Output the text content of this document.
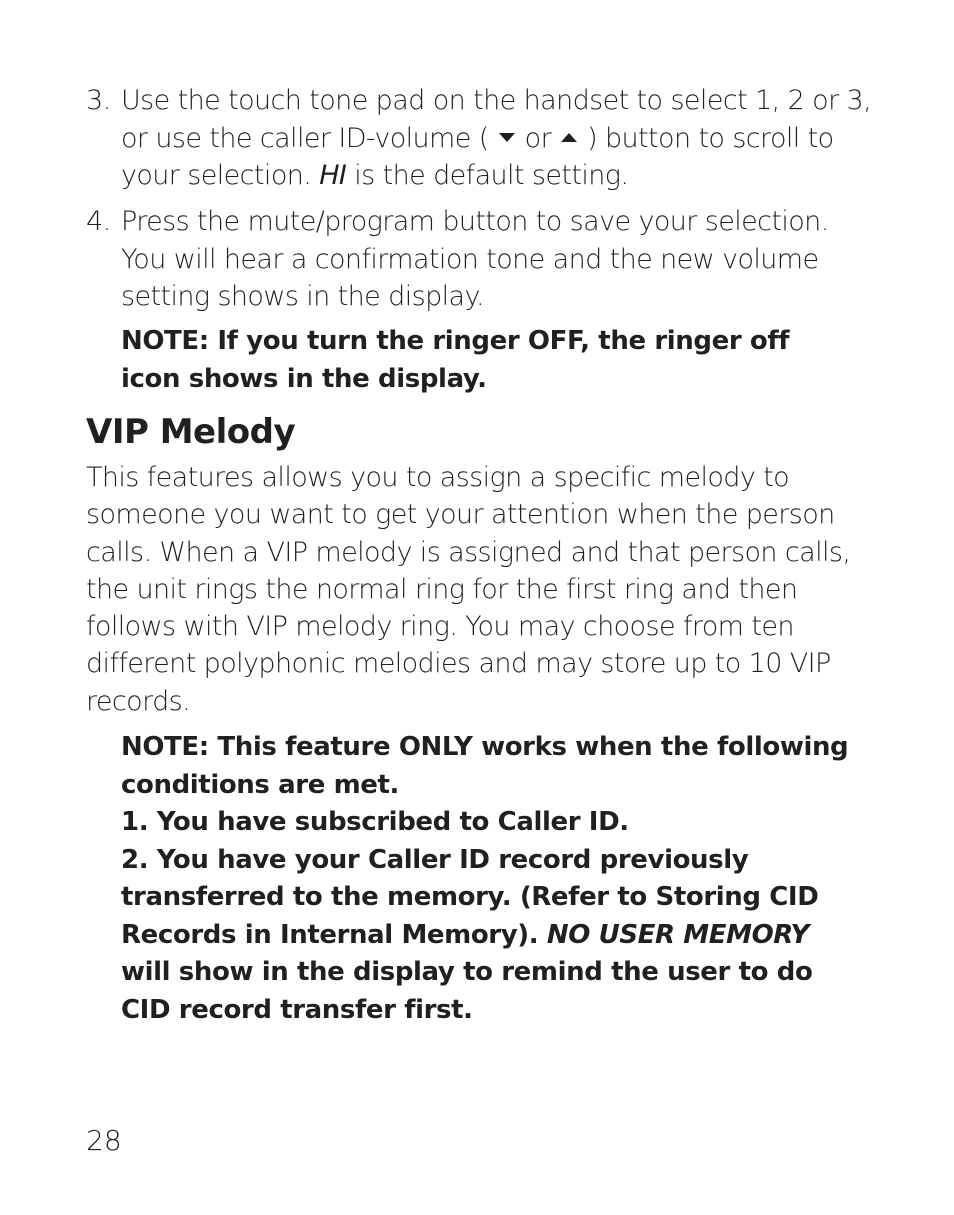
3. Use the touch tone pad on the handset to select 1, 2 or 3, or use the caller ID-volume ( or ) button to scroll to your selection. HI is the default setting.
4. Press the mute/program button to save your selection. You will hear a confirmation tone and the new volume setting shows in the display.
NOTE: If you turn the ringer OFF, the ringer off icon shows in the display.
VIP Melody
This features allows you to assign a specific melody to someone you want to get your attention when the person calls. When a VIP melody is assigned and that person calls, the unit rings the normal ring for the first ring and then follows with VIP melody ring. You may choose from ten different polyphonic melodies and may store up to 10 VIP records.
NOTE: This feature ONLY works when the following conditions are met.
1. You have subscribed to Caller ID.
2. You have your Caller ID record previously transferred to the memory. (Refer to Storing CID Records in Internal Memory). NO USER MEMORY will show in the display to remind the user to do CID record transfer first.
28
